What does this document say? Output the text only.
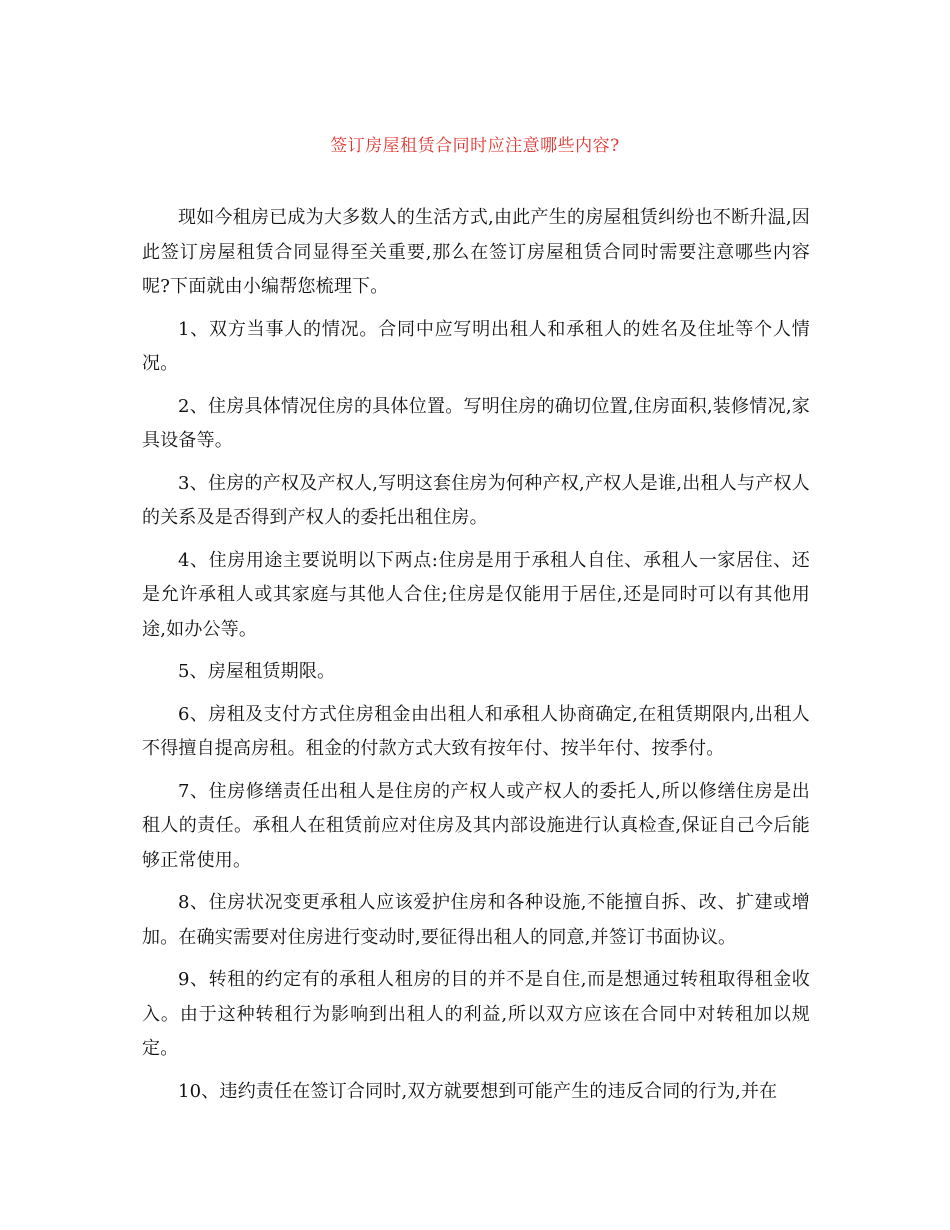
签订房屋租赁合同时应注意哪些内容?

现如今租房已成为大多数人的生活方式,由此产生的房屋租赁纠纷也不断升温,因此签订房屋租赁合同显得至关重要,那么在签订房屋租赁合同时需要注意哪些内容呢?下面就由小编帮您梳理下。

1、双方当事人的情况。合同中应写明出租人和承租人的姓名及住址等个人情况。

2、住房具体情况住房的具体位置。写明住房的确切位置,住房面积,装修情况,家具设备等。

3、住房的产权及产权人,写明这套住房为何种产权,产权人是谁,出租人与产权人的关系及是否得到产权人的委托出租住房。

4、住房用途主要说明以下两点:住房是用于承租人自住、承租人一家居住、还是允许承租人或其家庭与其他人合住;住房是仅能用于居住,还是同时可以有其他用途,如办公等。

5、房屋租赁期限。

6、房租及支付方式住房租金由出租人和承租人协商确定,在租赁期限内,出租人不得擅自提高房租。租金的付款方式大致有按年付、按半年付、按季付。

7、住房修缮责任出租人是住房的产权人或产权人的委托人,所以修缮住房是出租人的责任。承租人在租赁前应对住房及其内部设施进行认真检查,保证自己今后能够正常使用。

8、住房状况变更承租人应该爱护住房和各种设施,不能擅自拆、改、扩建或增加。在确实需要对住房进行变动时,要征得出租人的同意,并签订书面协议。

9、转租的约定有的承租人租房的目的并不是自住,而是想通过转租取得租金收入。由于这种转租行为影响到出租人的利益,所以双方应该在合同中对转租加以规定。

10、违约责任在签订合同时,双方就要想到可能产生的违反合同的行为,并在
